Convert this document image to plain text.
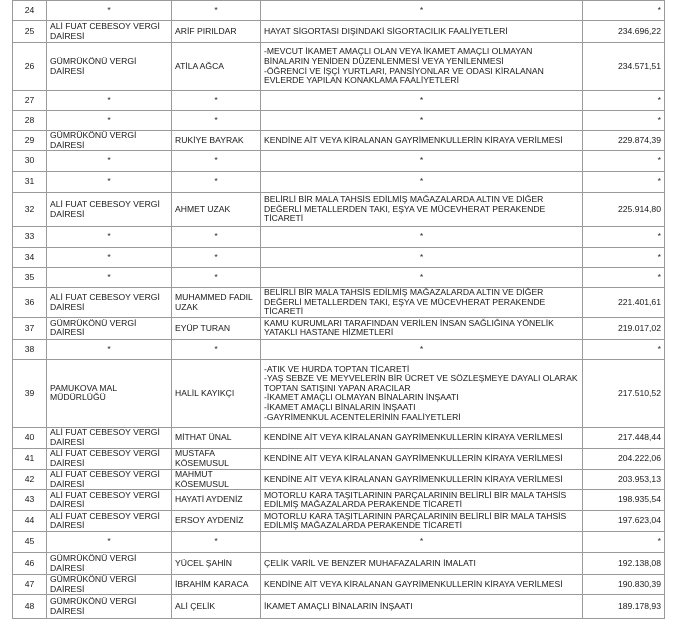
24	*	*	*	*
25	ALİ FUAT CEBESOY VERGİ DAİRESİ	ARİF PIRILDAR	HAYAT SİGORTASI DIŞINDAKİ SİGORTACILIK FAALİYETLERİ	234.696,22
26	GÜMRÜKÖNÜ VERGİ DAİRESİ	ATİLA AĞCA	-MEVCUT İKAMET AMAÇLI OLAN VEYA İKAMET AMAÇLI OLMAYAN BİNALARIN YENİDEN DÜZENLENMESİ VEYA YENİLENMESİ
-ÖĞRENCİ VE İŞÇİ YURTLARI, PANSİYONLAR VE ODASI KİRALANAN EVLERDE YAPILAN KONAKLAMA FAALİYETLERİ	234.571,51
27	*	*	*	*
28	*	*	*	*
29	GÜMRÜKÖNÜ VERGİ DAİRESİ	RUKİYE BAYRAK	KENDİNE AİT VEYA KİRALANAN GAYRİMENKULLERİN KİRAYA VERİLMESİ	229.874,39
30	*	*	*	*
31	*	*	*	*
32	ALİ FUAT CEBESOY VERGİ DAİRESİ	AHMET UZAK	BELİRLİ BİR MALA TAHSİS EDİLMİŞ MAĞAZALARDA ALTIN VE DİĞER DEĞERLİ METALLERDEN TAKI, EŞYA VE MÜCEVHERAT PERAKENDE TİCARETİ	225.914,80
33	*	*	*	*
34	*	*	*	*
35	*	*	*	*
36	ALİ FUAT CEBESOY VERGİ DAİRESİ	MUHAMMED FADIL UZAK	BELİRLİ BİR MALA TAHSİS EDİLMİŞ MAĞAZALARDA ALTIN VE DİĞER DEĞERLİ METALLERDEN TAKI, EŞYA VE MÜCEVHERAT PERAKENDE TİCARETİ	221.401,61
37	GÜMRÜKÖNÜ VERGİ DAİRESİ	EYÜP TURAN	KAMU KURUMLARI TARAFINDAN VERİLEN İNSAN SAĞLIĞINA YÖNELİK YATAKLI HASTANE HİZMETLERİ	219.017,02
38	*	*	*	*
39	PAMUKOVA MAL MÜDÜRLÜĞÜ	HALİL KAYIKÇI	-ATIK VE HURDA TOPTAN TİCARETİ
-YAŞ SEBZE VE MEYVELERİN BİR ÜCRET VE SÖZLEŞMEYE DAYALI OLARAK TOPTAN SATIŞINI YAPAN ARACILAR
-İKAMET AMAÇLI OLMAYAN BİNALARIN İNŞAATI
-İKAMET AMAÇLI BİNALARIN İNŞAATI
-GAYRİMENKUL ACENTELERİNİN FAALİYETLERİ	217.510,52
40	ALİ FUAT CEBESOY VERGİ DAİRESİ	MİTHAT ÜNAL	KENDİNE AİT VEYA KİRALANAN GAYRİMENKULLERİN KİRAYA VERİLMESİ	217.448,44
41	ALİ FUAT CEBESOY VERGİ DAİRESİ	MUSTAFA KÖSEMUSUL	KENDİNE AİT VEYA KİRALANAN GAYRİMENKULLERİN KİRAYA VERİLMESİ	204.222,06
42	ALİ FUAT CEBESOY VERGİ DAİRESİ	MAHMUT KÖSEMUSUL	KENDİNE AİT VEYA KİRALANAN GAYRİMENKULLERİN KİRAYA VERİLMESİ	203.953,13
43	ALİ FUAT CEBESOY VERGİ DAİRESİ	HAYATİ AYDENİZ	MOTORLU KARA TAŞITLARININ PARÇALARININ BELİRLİ BİR MALA TAHSİS EDİLMİŞ MAĞAZALARDA PERAKENDE TİCARETİ	198.935,54
44	ALİ FUAT CEBESOY VERGİ DAİRESİ	ERSOY AYDENİZ	MOTORLU KARA TAŞITLARININ PARÇALARININ BELİRLİ BİR MALA TAHSİS EDİLMİŞ MAĞAZALARDA PERAKENDE TİCARETİ	197.623,04
45	*	*	*	*
46	GÜMRÜKÖNÜ VERGİ DAİRESİ	YÜCEL ŞAHİN	ÇELİK VARİL VE BENZER MUHAFAZALARIN İMALATI	192.138,08
47	GÜMRÜKÖNÜ VERGİ DAİRESİ	İBRAHİM KARACA	KENDİNE AİT VEYA KİRALANAN GAYRİMENKULLERİN KİRAYA VERİLMESİ	190.830,39
48	GÜMRÜKÖNÜ VERGİ DAİRESİ	ALİ ÇELİK	İKAMET AMAÇLI BİNALARIN İNŞAATI	189.178,93
